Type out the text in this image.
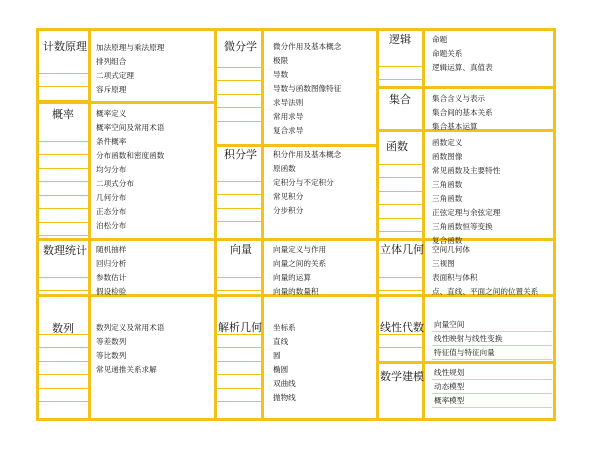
计数原理
概率
数理统计
数列
加法原理与乘法原理
排列组合
二项式定理
容斥原理
概率定义
概率空间及常用术语
条件概率
分布函数和密度函数
均匀分布
二项式分布
几何分布
正态分布
泊松分布
随机抽样
回归分析
参数估计
假设检验
数列定义及常用术语
等差数列
等比数列
常见递推关系求解
微分学
积分学
向量
解析几何
微分作用及基本概念
极限
导数
导数与函数图像特征
求导法则
常用求导
复合求导
积分作用及基本概念
原函数
定积分与不定积分
常见积分
分步积分
向量定义与作用
向量之间的关系
向量的运算
向量的数量积
坐标系
直线
圆
椭圆
双曲线
抛物线
逻辑
集合
函数
立体几何
线性代数
数学建模
命题
命题关系
逻辑运算、真值表
集合含义与表示
集合间的基本关系
集合基本运算
函数定义
函数图像
常见函数及主要特性
三角函数
三角函数
正弦定理与余弦定理
三角函数恒等变换
复合函数
空间几何体
三视图
表面积与体积
点、直线、平面之间的位置关系
向量空间
线性映射与线性变换
特征值与特征向量
线性规划
动态模型
概率模型
